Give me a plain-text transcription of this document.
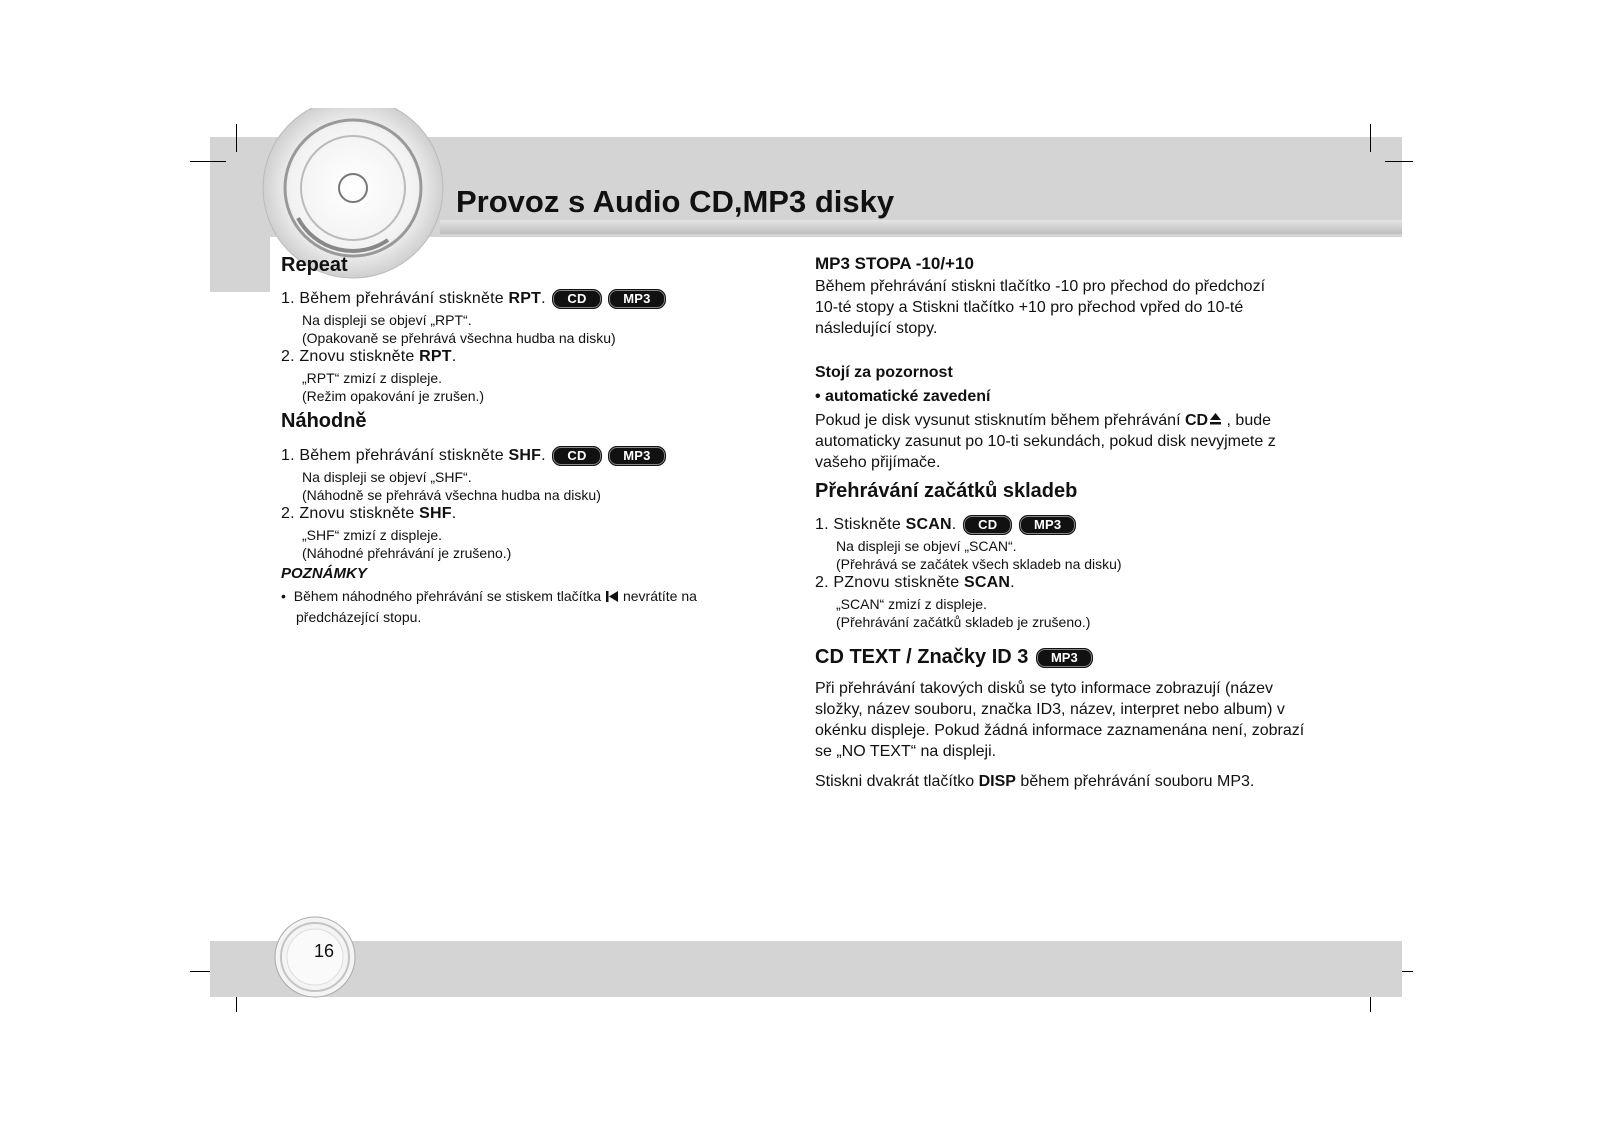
Provoz s Audio CD,MP3 disky
Repeat
1. Během přehrávání stiskněte RPT. CD	MP3
Na displeji se objeví „RPT“.
(Opakovaně se přehrává všechna hudba na disku)
2. Znovu stiskněte RPT.
„RPT“ zmizí z displeje.
(Režim opakování je zrušen.)
Náhodně
1. Během přehrávání stiskněte SHF. CD	MP3
Na displeji se objeví „SHF“.
(Náhodně se přehrává všechna hudba na disku)
2. Znovu stiskněte SHF.
„SHF“ zmizí z displeje.
(Náhodné přehrávání je zrušeno.)
POZNÁMKY
• Během náhodného přehrávání se stiskem tlačítka  nevrátíte na
předcházející stopu.
MP3 STOPA -10/+10
Během přehrávání stiskni tlačítko -10 pro přechod do předchozí
10-té stopy a Stiskni tlačítko +10 pro přechod vpřed do 10-té
následující stopy.
Stojí za pozornost
• automatické zavedení
Pokud je disk vysunut stisknutím během přehrávání CD , bude
automaticky zasunut po 10-ti sekundách, pokud disk nevyjmete z
vašeho přijímače.
Přehrávání začátků skladeb
1. Stiskněte SCAN. CD	MP3
Na displeji se objeví „SCAN“.
(Přehrává se začátek všech skladeb na disku)
2. PZnovu stiskněte SCAN.
„SCAN“ zmizí z displeje.
(Přehrávání začátků skladeb je zrušeno.)
CD TEXT / Značky ID 3 MP3
Při přehrávání takových disků se tyto informace zobrazují (název
složky, název souboru, značka ID3, název, interpret nebo album) v
okénku displeje. Pokud žádná informace zaznamenána není, zobrazí
se „NO TEXT“ na displeji.
Stiskni dvakrát tlačítko DISP během přehrávání souboru MP3.
16
